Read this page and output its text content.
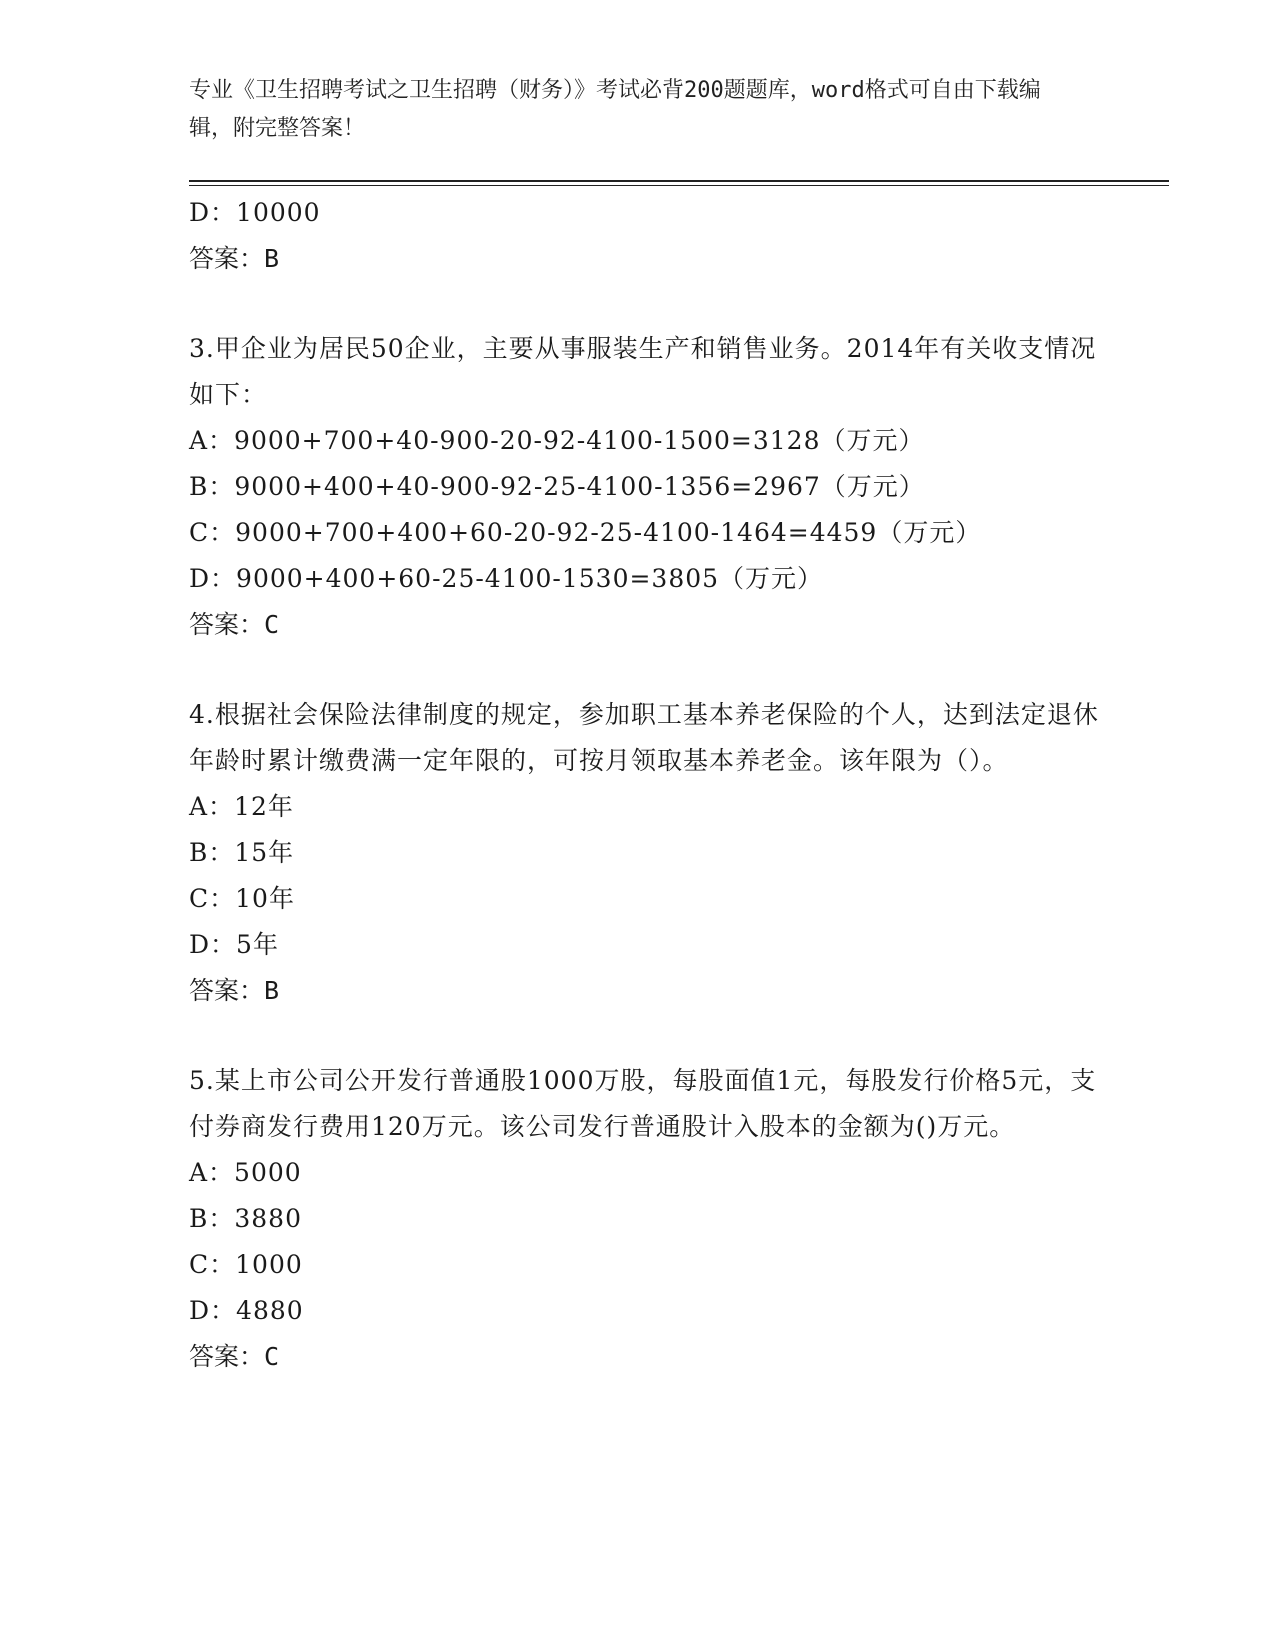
专业《卫生招聘考试之卫生招聘（财务）》考试必背200题题库，word格式可自由下载编辑，附完整答案！

D：10000

答案：B

3.甲企业为居民50企业，主要从事服装生产和销售业务。2014年有关收支情况如下：

A：9000+700+40-900-20-92-4100-1500=3128（万元）

B：9000+400+40-900-92-25-4100-1356=2967（万元）

C：9000+700+400+60-20-92-25-4100-1464=4459（万元）

D：9000+400+60-25-4100-1530=3805（万元）

答案：C

4.根据社会保险法律制度的规定，参加职工基本养老保险的个人，达到法定退休年龄时累计缴费满一定年限的，可按月领取基本养老金。该年限为（）。

A：12年

B：15年

C：10年

D：5年

答案：B

5.某上市公司公开发行普通股1000万股，每股面值1元，每股发行价格5元，支付券商发行费用120万元。该公司发行普通股计入股本的金额为()万元。

A：5000

B：3880

C：1000

D：4880

答案：C
